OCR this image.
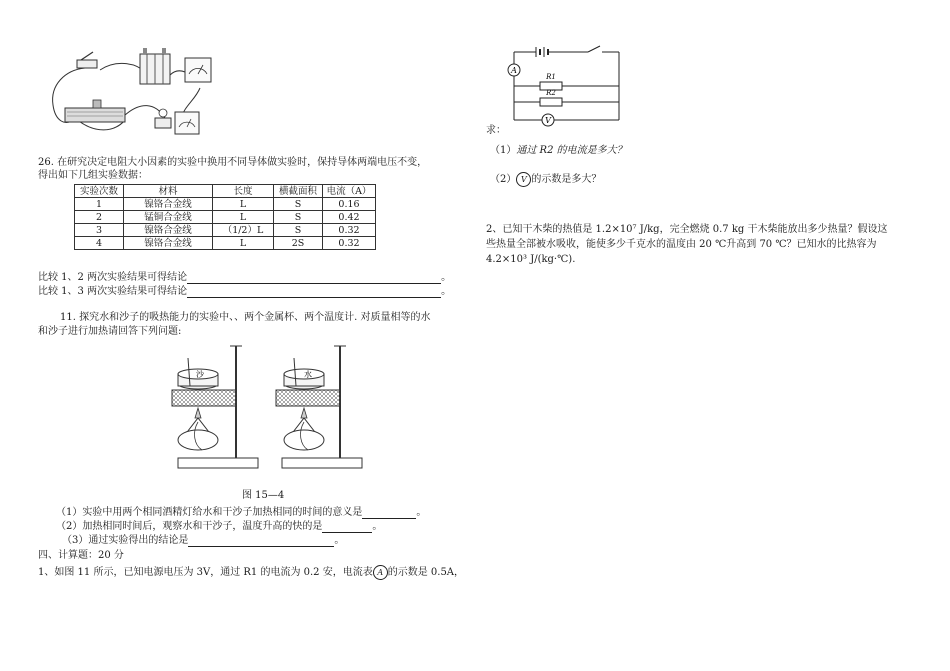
26. 在研究决定电阻大小因素的实验中换用不同导体做实验时，保持导体两端电压不变，
得出如下几组实验数据：
实验次数	材料	长度	横截面积	电流（A）
1	镍铬合金线	L	S	0.16
2	锰铜合金线	L	S	0.42
3	镍铬合金线	（1/2）L	S	0.32
4	镍铬合金线	L	2S	0.32
比较 1、2 两次实验结果可得结论	。
比较 1、3 两次实验结果可得结论	。
11. 探究水和沙子的吸热能力的实验中、、两个金属杯、两个温度计. 对质量相等的水
和沙子进行加热请回答下列问题:
沙	水
图 15—4
（1）实验中用两个相同酒精灯给水和干沙子加热相同的时间的意义是	。
（2）加热相同时间后，观察水和干沙子，温度升高的快的是	。
（3）通过实验得出的结论是	。
四、计算题：20 分
1、如图 11 所示，已知电源电压为 3V，通过 R1 的电流为 0.2 安，电流表 A 的示数是 0.5A，
A
R1
R2
V
求：
（1）通过 R2 的电流是多大？
（2） V 的示数是多大？
2、已知干木柴的热值是 1.2×10⁷ J/kg，完全燃烧 0.7 kg 干木柴能放出多少热量？假设这
些热量全部被水吸收，能使多少千克水的温度由 20 ℃升高到 70 ℃？已知水的比热容为
4.2×10³ J/(kg·℃).
